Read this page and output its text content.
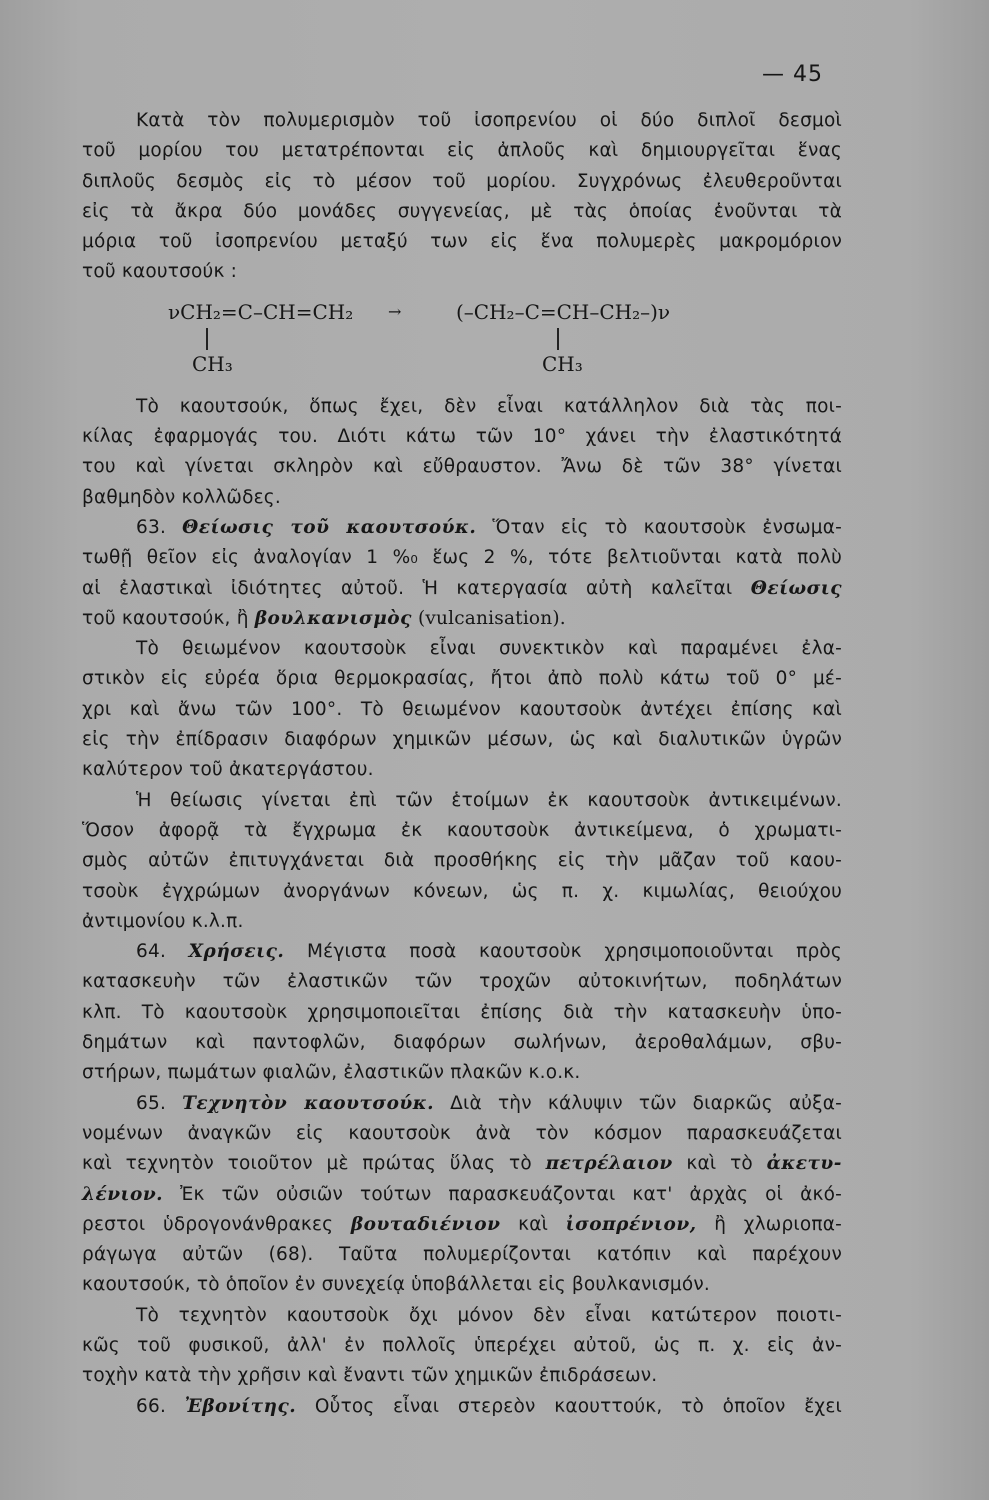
— 45
Κατὰ τὸν πολυμερισμὸν τοῦ ἰσοπρενίου οἱ δύο διπλοῖ δεσμοὶ
τοῦ μορίου του μετατρέπονται εἰς ἀπλοῦς καὶ δημιουργεῖται ἕνας
διπλοῦς δεσμὸς εἰς τὸ μέσον τοῦ μορίου. Συγχρόνως ἐλευθεροῦνται
εἰς τὰ ἄκρα δύο μονάδες συγγενείας, μὲ τὰς ὁποίας ἑνοῦνται τὰ
μόρια τοῦ ἰσοπρενίου μεταξύ των εἰς ἕνα πολυμερὲς μακρομόριον
τοῦ καουτσούκ :
νCH₂=C–CH=CH₂ →	(–CH₂–C=CH–CH₂–)ν
CH₃	CH₃
Τὸ καουτσούκ, ὅπως ἔχει, δὲν εἶναι κατάλληλον διὰ τὰς ποι-
κίλας ἐφαρμογάς του. Διότι κάτω τῶν 10° χάνει τὴν ἐλαστικότητά
του καὶ γίνεται σκληρὸν καὶ εὔθραυστον. Ἄνω δὲ τῶν 38° γίνεται
βαθμηδὸν κολλῶδες.
63. Θείωσις τοῦ καουτσούκ. Ὅταν εἰς τὸ καουτσοὺκ ἐνσωμα-
τωθῇ θεῖον εἰς ἀναλογίαν 1 %₀ ἕως 2 %, τότε βελτιοῦνται κατὰ πολὺ
αἱ ἐλαστικαὶ ἰδιότητες αὐτοῦ. Ἡ κατεργασία αὐτὴ καλεῖται Θείωσις
τοῦ καουτσούκ, ἢ βουλκανισμὸς (vulcanisation).
Τὸ θειωμένον καουτσοὺκ εἶναι συνεκτικὸν καὶ παραμένει ἐλα-
στικὸν εἰς εὐρέα ὅρια θερμοκρασίας, ἤτοι ἀπὸ πολὺ κάτω τοῦ 0° μέ-
χρι καὶ ἄνω τῶν 100°. Τὸ θειωμένον καουτσοὺκ ἀντέχει ἐπίσης καὶ
εἰς τὴν ἐπίδρασιν διαφόρων χημικῶν μέσων, ὡς καὶ διαλυτικῶν ὑγρῶν
καλύτερον τοῦ ἀκατεργάστου.
Ἡ θείωσις γίνεται ἐπὶ τῶν ἑτοίμων ἐκ καουτσοὺκ ἀντικειμένων.
Ὅσον ἀφορᾷ τὰ ἔγχρωμα ἐκ καουτσοὺκ ἀντικείμενα, ὁ χρωματι-
σμὸς αὐτῶν ἐπιτυγχάνεται διὰ προσθήκης εἰς τὴν μᾶζαν τοῦ καου-
τσοὺκ ἐγχρώμων ἀνοργάνων κόνεων, ὡς π. χ. κιμωλίας, θειούχου
ἀντιμονίου κ.λ.π.
64. Χρήσεις. Μέγιστα ποσὰ καουτσοὺκ χρησιμοποιοῦνται πρὸς
κατασκευὴν τῶν ἐλαστικῶν τῶν τροχῶν αὐτοκινήτων, ποδηλάτων
κλπ. Τὸ καουτσοὺκ χρησιμοποιεῖται ἐπίσης διὰ τὴν κατασκευὴν ὑπο-
δημάτων καὶ παντοφλῶν, διαφόρων σωλήνων, ἀεροθαλάμων, σβυ-
στήρων, πωμάτων φιαλῶν, ἐλαστικῶν πλακῶν κ.ο.κ.
65. Τεχνητὸν καουτσούκ. Διὰ τὴν κάλυψιν τῶν διαρκῶς αὐξα-
νομένων ἀναγκῶν εἰς καουτσοὺκ ἀνὰ τὸν κόσμον παρασκευάζεται
καὶ τεχνητὸν τοιοῦτον μὲ πρώτας ὕλας τὸ πετρέλαιον καὶ τὸ ἀκετυ-
λένιον. Ἐκ τῶν οὐσιῶν τούτων παρασκευάζονται κατ' ἀρχὰς οἱ ἀκό-
ρεστοι ὑδρογονάνθρακες βουταδιένιον καὶ ἰσοπρένιον, ἢ χλωριοπα-
ράγωγα αὐτῶν (68). Ταῦτα πολυμερίζονται κατόπιν καὶ παρέχουν
καουτσούκ, τὸ ὁποῖον ἐν συνεχείᾳ ὑποβάλλεται εἰς βουλκανισμόν.
Τὸ τεχνητὸν καουτσοὺκ ὄχι μόνον δὲν εἶναι κατώτερον ποιοτι-
κῶς τοῦ φυσικοῦ, ἀλλ' ἐν πολλοῖς ὑπερέχει αὐτοῦ, ὡς π. χ. εἰς ἀν-
τοχὴν κατὰ τὴν χρῆσιν καὶ ἔναντι τῶν χημικῶν ἐπιδράσεων.
66. Ἐβονίτης. Οὗτος εἶναι στερεὸν καουττούκ, τὸ ὁποῖον ἔχει
